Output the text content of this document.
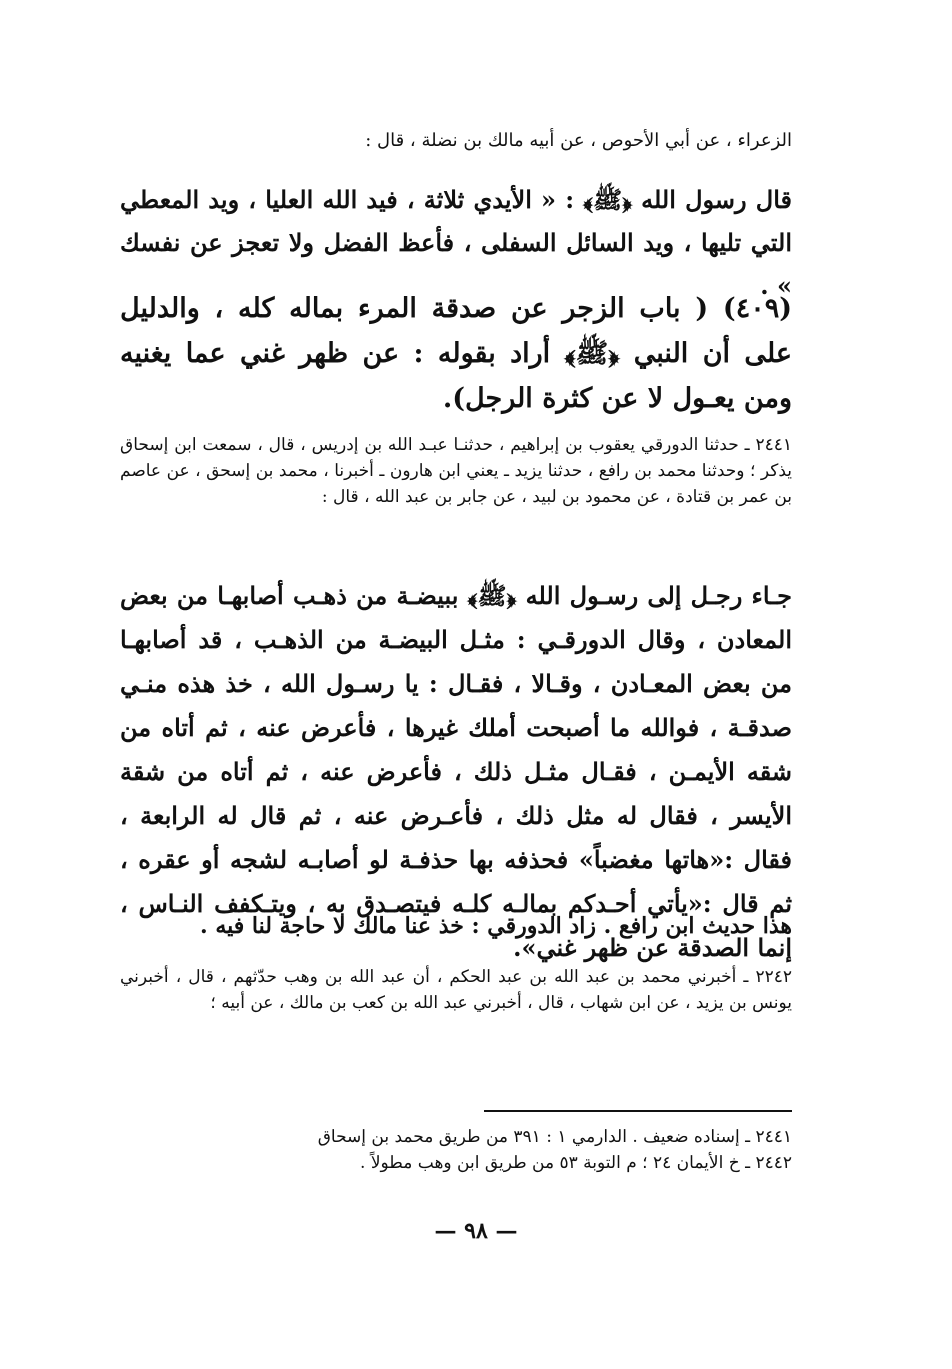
الزعراء ، عن أبي الأحوص ، عن أبيه مالك بن نضلة ، قال :
قال رسول الله ﴿ﷺ﴾ : « الأيدي ثلاثة ، فيد الله العليا ، ويد المعطي التي تليها ، ويد السائل السفلى ، فأعظ الفضل ولا تعجز عن نفسك » .
(٤٠٩) ( باب الزجر عن صدقة المرء بماله كله ، والدليل على أن النبي ﴿ﷺ﴾ أراد بقوله : عن ظهر غني عما يغنيه ومن يعـول لا عن كثرة الرجل).
٢٤٤١ ـ حدثنا الدورقي يعقوب بن إبراهيم ، حدثنـا عبـد الله بن إدريس ، قال ، سمعت ابن إسحاق يذكر ؛ وحدثنا محمد بن رافع ، حدثنا يزيد ـ يعني ابن هارون ـ أخبرنا ، محمد بن إسحق ، عن عاصم بن عمر بن قتادة ، عن محمود بن لبيد ، عن جابر بن عبد الله ، قال :
جـاء رجـل إلى رسـول الله ﴿ﷺ﴾ ببيضـة من ذهـب أصابهـا من بعض المعادن ، وقال الدورقـي : مثـل البيضـة من الذهـب ، قد أصابهـا من بعض المعـادن ، وقـالا ، فقـال : يا رسـول الله ، خذ هذه منـي صدقـة ، فوالله ما أصبحت أملك غيرها ، فأعرض عنه ، ثم أتاه من شقه الأيمـن ، فقـال مثـل ذلك ، فأعرض عنه ، ثم أتاه من شقة الأيسر ، فقال له مثل ذلك ، فأعـرض عنه ، ثم قال له الرابعة ، فقال :«هاتها مغضباً» فحذفه بها حذفـة لو أصابـه لشجه أو عقره ، ثم قال :«يأتي أحـدكم بمالـه كلـه فيتصـدق به ، ويتـكفف النـاس ، إنما الصدقة عن ظهر غني».
هذا حديث ابن رافع . زاد الدورقي : خذ عنا مالك لا حاجة لنا فيه .
٢٢٤٢ ـ أخبرني محمد بن عبد الله بن عبد الحكم ، أن عبد الله بن وهب حدّثهم ، قال ، أخبرني يونس بن يزيد ، عن ابن شهاب ، قال ، أخبرني عبد الله بن كعب بن مالك ، عن أبيه ؛
٢٤٤١ ـ إسناده ضعيف . الدارمي ١ : ٣٩١ من طريق محمد بن إسحاق
٢٤٤٢ ـ خ الأيمان ٢٤ ؛ م التوبة ٥٣ من طريق ابن وهب مطولاً .
— ٩٨ —
